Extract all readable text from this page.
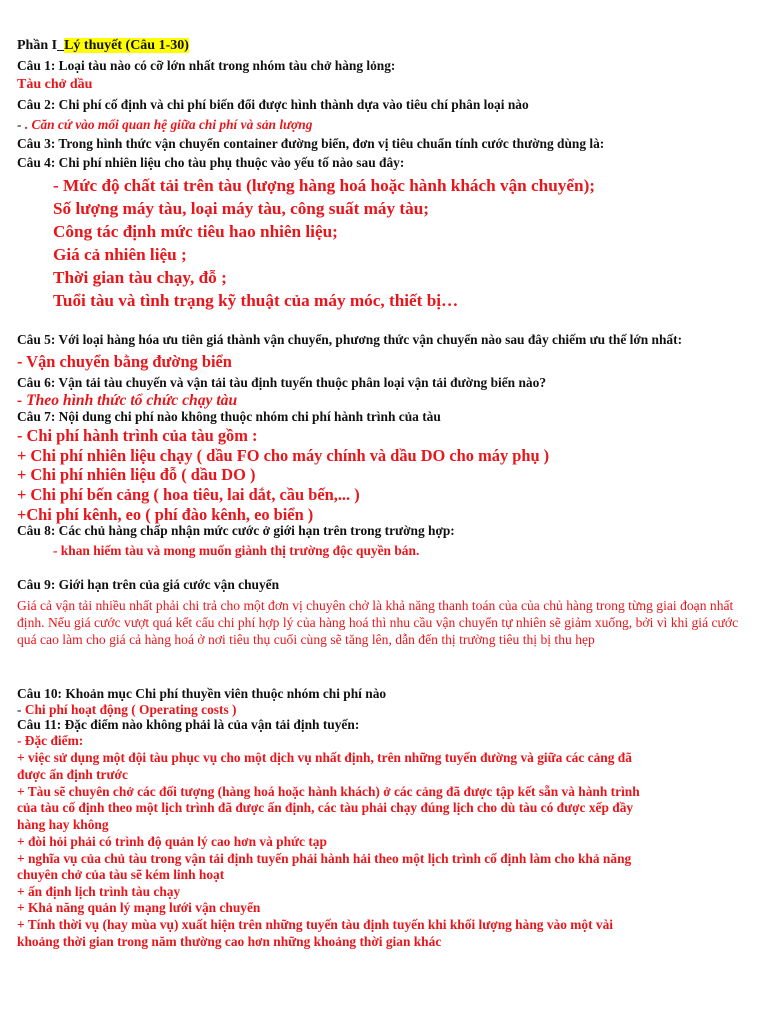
Phần I_Lý thuyết (Câu 1-30)
Câu 1: Loại tàu nào có cỡ lớn nhất trong nhóm tàu chở hàng lỏng:
Tàu chở dầu
Câu 2: Chi phí cố định và chi phí biến đổi được hình thành dựa vào tiêu chí phân loại nào
- . Căn cứ vào mối quan hệ giữa chi phí và sản lượng
Câu 3: Trong hình thức vận chuyển container đường biển, đơn vị tiêu chuẩn tính cước thường dùng là:
Câu 4: Chi phí nhiên liệu cho tàu phụ thuộc vào yếu tố nào sau đây:
- Mức độ chất tải trên tàu (lượng hàng hoá hoặc hành khách vận chuyển);
Số lượng máy tàu, loại máy tàu, công suất máy tàu;
Công tác định mức tiêu hao nhiên liệu;
Giá cả nhiên liệu ;
Thời gian tàu chạy, đỗ ;
Tuổi tàu và tình trạng kỹ thuật của máy móc, thiết bị…
Câu 5: Với loại hàng hóa ưu tiên giá thành vận chuyển, phương thức vận chuyển nào sau đây chiếm ưu thế lớn nhất:
- Vận chuyển bằng đường biển
Câu 6: Vận tải tàu chuyến và vận tải tàu định tuyến thuộc phân loại vận tải đường biển nào?
- Theo hình thức tổ chức chạy tàu
Câu 7: Nội dung chi phí nào không thuộc nhóm chi phí hành trình của tàu
- Chi phí hành trình của tàu gồm :
+ Chi phí nhiên liệu chạy ( dầu FO cho máy chính và dầu DO cho máy phụ )
+ Chi phí nhiên liệu đỗ ( dầu DO )
+ Chi phí bến cảng ( hoa tiêu, lai dắt, cầu bến,... )
+Chi phí kênh, eo ( phí đào kênh, eo biển )
Câu 8: Các chủ hàng chấp nhận mức cước ở giới hạn trên trong trường hợp:
- khan hiếm tàu và mong muốn giành thị trường độc quyền bán.
Câu 9: Giới hạn trên của giá cước vận chuyển
Giá cả vận tải nhiều nhất phải chi trả cho một đơn vị chuyên chở là khả năng thanh toán của của chủ hàng trong từng giai đoạn nhất định. Nếu giá cước vượt quá kết cấu chi phí hợp lý của hàng hoá thì nhu cầu vận chuyển tự nhiên sẽ giảm xuống, bởi vì khi giá cước quá cao làm cho giá cả hàng hoá ở nơi tiêu thụ cuối cùng sẽ tăng lên, dẫn đến thị trường tiêu thị bị thu hẹp
Câu 10: Khoản mục Chi phí thuyền viên thuộc nhóm chi phí nào
- Chi phí hoạt động ( Operating costs )
Câu 11: Đặc điểm nào không phải là của vận tải định tuyến:
- Đặc điểm:
+ việc sử dụng một đội tàu phục vụ cho một dịch vụ nhất định, trên những tuyến đường và giữa các cảng đã
được ấn định trước
+ Tàu sẽ chuyên chở các đối tượng (hàng hoá hoặc hành khách) ở các cảng đã được tập kết sẵn và hành trình
của tàu cố định theo một lịch trình đã được ấn định, các tàu phải chạy đúng lịch cho dù tàu có được xếp đầy
hàng hay không
+ đòi hỏi phải có trình độ quản lý cao hơn và phức tạp
+ nghĩa vụ của chủ tàu trong vận tải định tuyến phải hành hải theo một lịch trình cố định làm cho khả năng
chuyên chở của tàu sẽ kém linh hoạt
+ ấn định lịch trình tàu chạy
+ Khả năng quản lý mạng lưới vận chuyển
+ Tính thời vụ (hay mùa vụ) xuất hiện trên những tuyến tàu định tuyến khi khối lượng hàng vào một vài
khoảng thời gian trong năm thường cao hơn những khoảng thời gian khác
